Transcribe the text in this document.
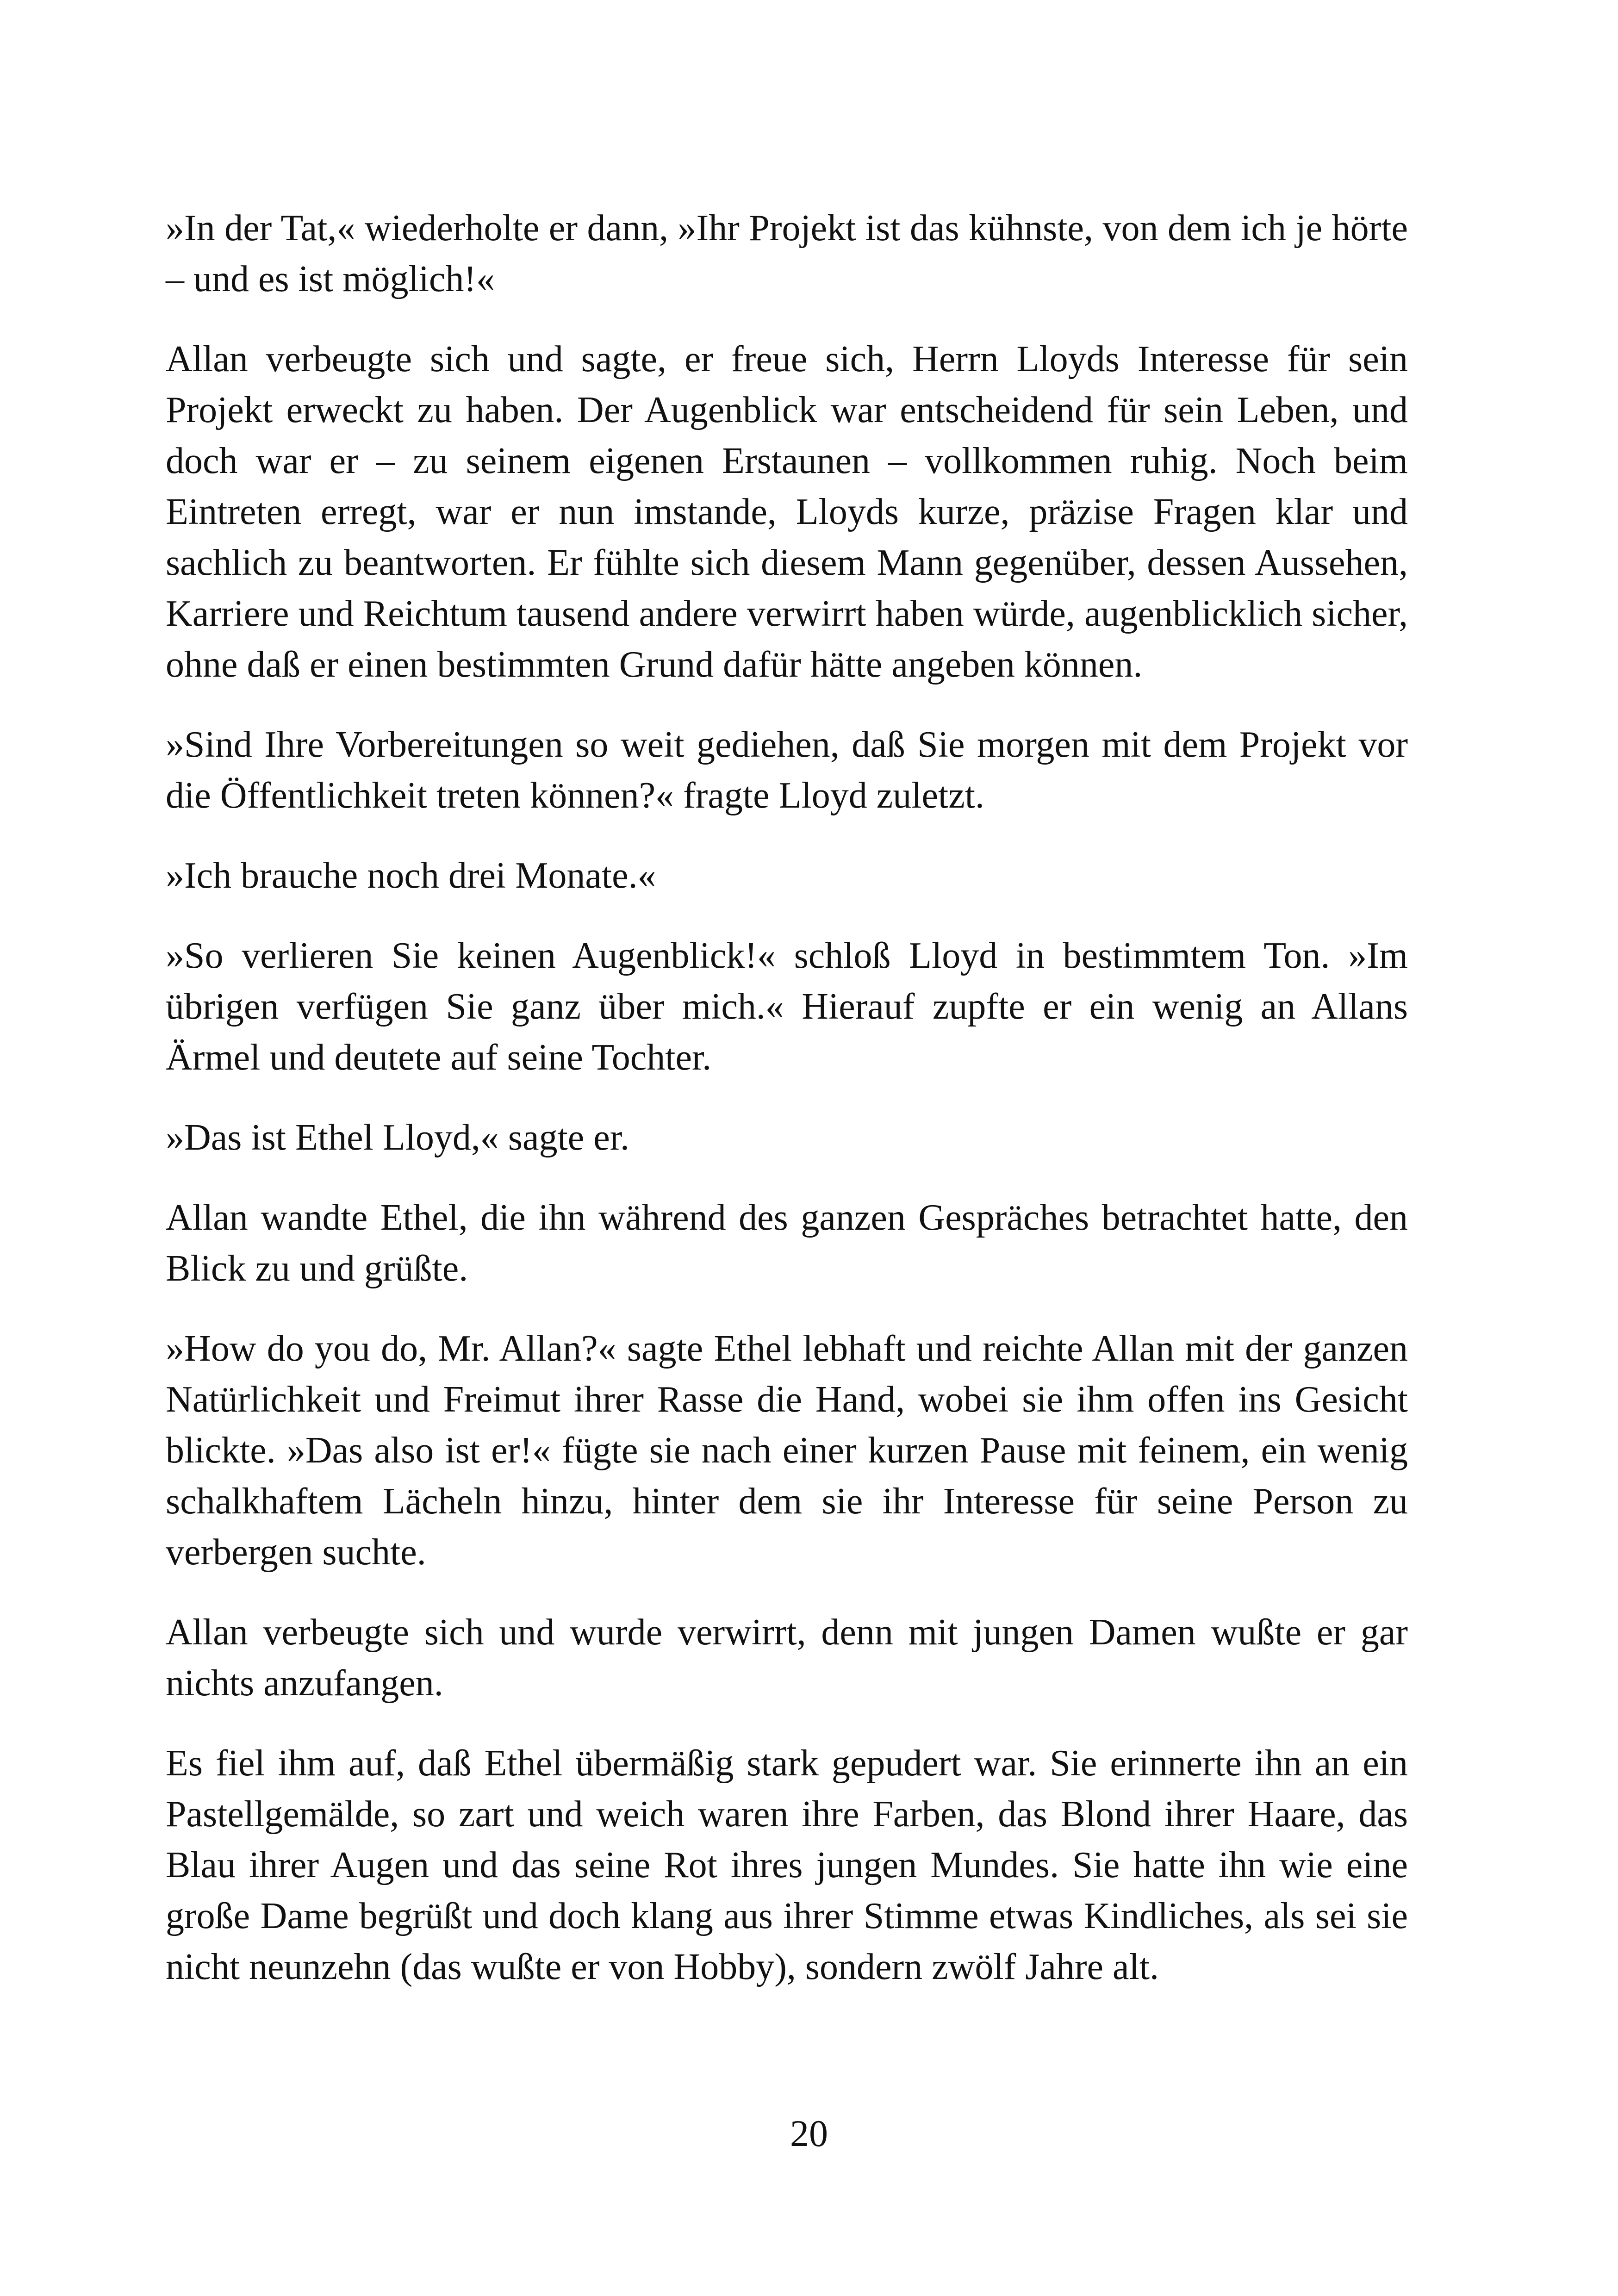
»In der Tat,« wiederholte er dann, »Ihr Projekt ist das kühnste, von dem ich je hörte – und es ist möglich!«

Allan verbeugte sich und sagte, er freue sich, Herrn Lloyds Interesse für sein Projekt erweckt zu haben. Der Augenblick war entscheidend für sein Leben, und doch war er – zu seinem eigenen Erstaunen – vollkommen ruhig. Noch beim Eintreten erregt, war er nun imstande, Lloyds kurze, präzise Fragen klar und sachlich zu beantworten. Er fühlte sich diesem Mann gegenüber, dessen Aussehen, Karriere und Reichtum tausend andere verwirrt haben würde, augenblicklich sicher, ohne daß er einen bestimmten Grund dafür hätte angeben können.

»Sind Ihre Vorbereitungen so weit gediehen, daß Sie morgen mit dem Projekt vor die Öffentlichkeit treten können?« fragte Lloyd zuletzt.

»Ich brauche noch drei Monate.«

»So verlieren Sie keinen Augenblick!« schloß Lloyd in bestimmtem Ton. »Im übrigen verfügen Sie ganz über mich.« Hierauf zupfte er ein wenig an Allans Ärmel und deutete auf seine Tochter.

»Das ist Ethel Lloyd,« sagte er.

Allan wandte Ethel, die ihn während des ganzen Gespräches betrachtet hatte, den Blick zu und grüßte.

»How do you do, Mr. Allan?« sagte Ethel lebhaft und reichte Allan mit der ganzen Natürlichkeit und Freimut ihrer Rasse die Hand, wobei sie ihm offen ins Gesicht blickte. »Das also ist er!« fügte sie nach einer kurzen Pause mit feinem, ein wenig schalkhaftem Lächeln hinzu, hinter dem sie ihr Interesse für seine Person zu verbergen suchte.

Allan verbeugte sich und wurde verwirrt, denn mit jungen Damen wußte er gar nichts anzufangen.

Es fiel ihm auf, daß Ethel übermäßig stark gepudert war. Sie erinnerte ihn an ein Pastellgemälde, so zart und weich waren ihre Farben, das Blond ihrer Haare, das Blau ihrer Augen und das seine Rot ihres jungen Mundes. Sie hatte ihn wie eine große Dame begrüßt und doch klang aus ihrer Stimme etwas Kindliches, als sei sie nicht neunzehn (das wußte er von Hobby), sondern zwölf Jahre alt.

20
